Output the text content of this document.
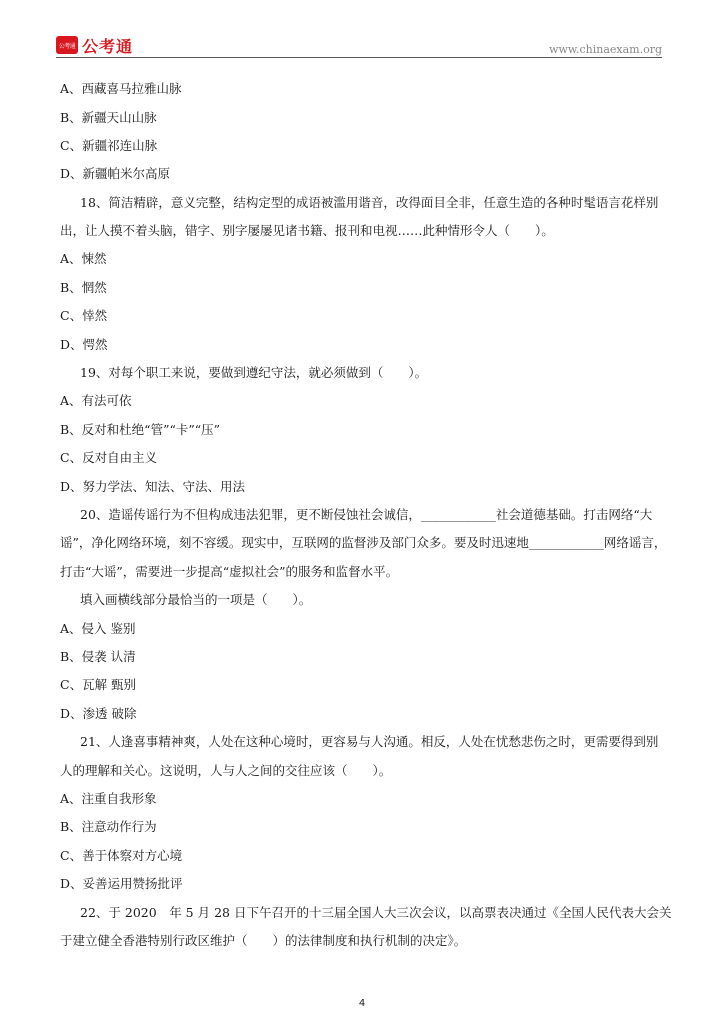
公考通 公考通	www.chinaexam.org
A、西藏喜马拉雅山脉
B、新疆天山山脉
C、新疆祁连山脉
D、新疆帕米尔高原
18、简洁精辟，意义完整，结构定型的成语被滥用谐音，改得面目全非，任意生造的各种时髦语言花样别
出，让人摸不着头脑，错字、别字屡屡见诸书籍、报刊和电视……此种情形令人（　　）。
A、悚然
B、惘然
C、悻然
D、愕然
19、对每个职工来说，要做到遵纪守法，就必须做到（　　）。
A、有法可依
B、反对和杜绝“管”“卡”“压”
C、反对自由主义
D、努力学法、知法、守法、用法
20、造谣传谣行为不但构成违法犯罪，更不断侵蚀社会诚信，____________社会道德基础。打击网络“大
谣”，净化网络环境，刻不容缓。现实中，互联网的监督涉及部门众多。要及时迅速地____________网络谣言，
打击“大谣”，需要进一步提高“虚拟社会”的服务和监督水平。
填入画横线部分最恰当的一项是（　　）。
A、侵入 鉴别
B、侵袭 认清
C、瓦解 甄别
D、渗透 破除
21、人逢喜事精神爽，人处在这种心境时，更容易与人沟通。相反，人处在忧愁悲伤之时，更需要得到别
人的理解和关心。这说明，人与人之间的交往应该（　　）。
A、注重自我形象
B、注意动作行为
C、善于体察对方心境
D、妥善运用赞扬批评
22、于 2020　年 5 月 28 日下午召开的十三届全国人大三次会议，以高票表决通过《全国人民代表大会关
于建立健全香港特别行政区维护（　　）的法律制度和执行机制的决定》。
4
